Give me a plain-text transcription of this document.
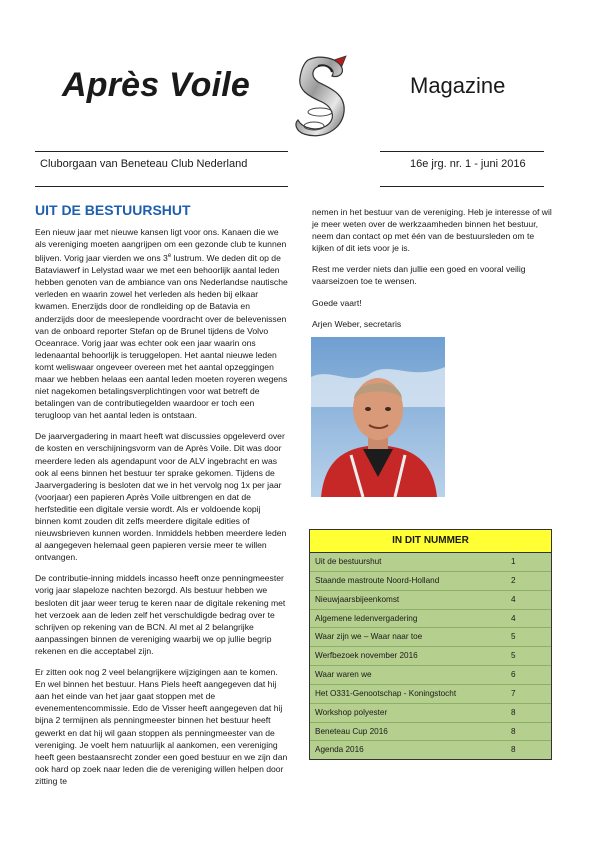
Après Voile	Magazine
Cluborgaan van Beneteau Club Nederland	16e jrg. nr. 1 - juni 2016
UIT DE BESTUURSHUT

Een nieuw jaar met nieuwe kansen ligt voor ons. Kanaen die we als vereniging moeten aangrijpen om een gezonde club te kunnen blijven. Vorig jaar vierden we ons 3e lustrum. We deden dit op de Bataviawerf in Lelystad waar we met een behoorlijk aantal leden hebben genoten van de ambiance van ons Nederlandse nautische verleden en waarin zowel het verleden als heden bij elkaar kwamen. Enerzijds door de rondleiding op de Batavia en anderzijds door de meeslepende voordracht over de belevenissen van de onboard reporter Stefan op de Brunel tijdens de Volvo Oceanrace. Vorig jaar was echter ook een jaar waarin ons ledenaantal behoorlijk is teruggelopen. Het aantal nieuwe leden komt weliswaar ongeveer overeen met het aantal opzeggingen maar we hebben helaas een aantal leden moeten royeren wegens niet nagekomen betalingsverplichtingen voor wat betreft de betalingen van de contributiegelden waardoor er toch een terugloop van het aantal leden is ontstaan.

De jaarvergadering in maart heeft wat discussies opgeleverd over de kosten en verschijningsvorm van de Après Voile. Dit was door meerdere leden als agendapunt voor de ALV ingebracht en was ook al eens binnen het bestuur ter sprake gekomen. Tijdens de Jaarvergadering is besloten dat we in het vervolg nog 1x per jaar (voorjaar) een papieren Après Voile uitbrengen en dat de herfsteditie een digitale versie wordt. Als er voldoende kopij binnen komt zouden dit zelfs meerdere digitale edities of nieuwsbrieven kunnen worden. Inmiddels hebben meerdere leden al aangegeven helemaal geen papieren versie meer te willen ontvangen.

De contributie-inning middels incasso heeft onze penningmeester vorig jaar slapeloze nachten bezorgd. Als bestuur hebben we besloten dit jaar weer terug te keren naar de digitale rekening met het verzoek aan de leden zelf het verschuldigde bedrag over te schrijven op rekening van de BCN. Al met al 2 belangrijke aanpassingen binnen de vereniging waarbij we op jullie begrip rekenen en die acceptabel zijn.

Er zitten ook nog 2 veel belangrijkere wijzigingen aan te komen. En wel binnen het bestuur. Hans Piels heeft aangegeven dat hij aan het einde van het jaar gaat stoppen met de evenementencommissie. Edo de Visser heeft aangegeven dat hij bijna 2 termijnen als penningmeester binnen het bestuur heeft gewerkt en dat hij wil gaan stoppen als penningmeester van de vereniging. Je voelt hem natuurlijk al aankomen, een vereniging heeft geen bestaansrecht zonder een goed bestuur en we zijn dan ook hard op zoek naar leden die de vereniging willen helpen door zitting te

nemen in het bestuur van de vereniging. Heb je interesse of wil je meer weten over de werkzaamheden binnen het bestuur, neem dan contact op met één van de bestuursleden om te kijken of dit iets voor je is.

Rest me verder niets dan jullie een goed en vooral veilig vaarseizoen toe te wensen.

Goede vaart!

Arjen Weber, secretaris

IN DIT NUMMER
Uit de bestuurshut	1
Staande mastroute Noord-Holland	2
Nieuwjaarsbijeenkomst	4
Algemene ledenvergadering	4
Waar zijn we – Waar naar toe	5
Werfbezoek november 2016	5
Waar waren we	6
Het O331-Genootschap - Koningstocht	7
Workshop polyester	8
Beneteau Cup 2016	8
Agenda 2016	8
